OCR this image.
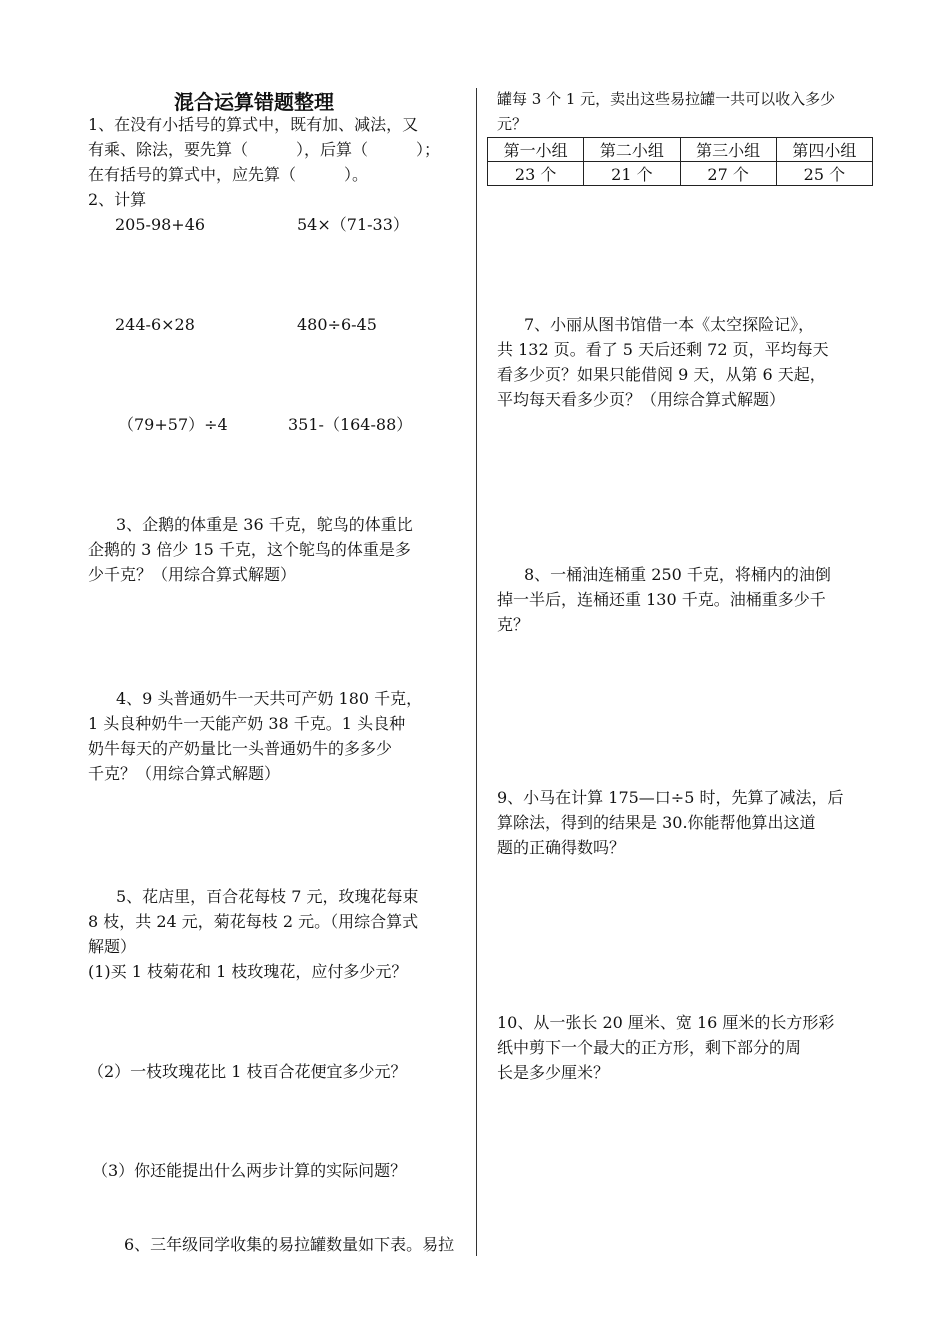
混合运算错题整理
1、在没有小括号的算式中，既有加、减法，又
有乘、除法，要先算（　　　），后算（　　　）；
在有括号的算式中，应先算（　　　）。
2、计算
205-98+46	54×（71-33）
244-6×28	480÷6-45
（79+57）÷4	351-（164-88）
3、企鹅的体重是 36 千克，鸵鸟的体重比
企鹅的 3 倍少 15 千克，这个鸵鸟的体重是多
少千克？（用综合算式解题）
4、9 头普通奶牛一天共可产奶 180 千克，
1 头良种奶牛一天能产奶 38 千克。1 头良种
奶牛每天的产奶量比一头普通奶牛的多多少
千克？（用综合算式解题）
5、花店里，百合花每枝 7 元，玫瑰花每束
8 枝，共 24 元，菊花每枝 2 元。（用综合算式
解题）
(1)买 1 枝菊花和 1 枝玫瑰花，应付多少元？
（2）一枝玫瑰花比 1 枝百合花便宜多少元？
（3）你还能提出什么两步计算的实际问题？
6、三年级同学收集的易拉罐数量如下表。易拉
罐每 3 个 1 元，卖出这些易拉罐一共可以收入多少
元？
第一小组	第二小组	第三小组	第四小组
23 个	21 个	27 个	25 个
7、小丽从图书馆借一本《太空探险记》，
共 132 页。看了 5 天后还剩 72 页，平均每天
看多少页？如果只能借阅 9 天，从第 6 天起，
平均每天看多少页？（用综合算式解题）
8、一桶油连桶重 250 千克，将桶内的油倒
掉一半后，连桶还重 130 千克。油桶重多少千
克？
9、小马在计算 175—口÷5 时，先算了减法，后
算除法，得到的结果是 30.你能帮他算出这道
题的正确得数吗？
10、从一张长 20 厘米、宽 16 厘米的长方形彩
纸中剪下一个最大的正方形，剩下部分的周
长是多少厘米？
